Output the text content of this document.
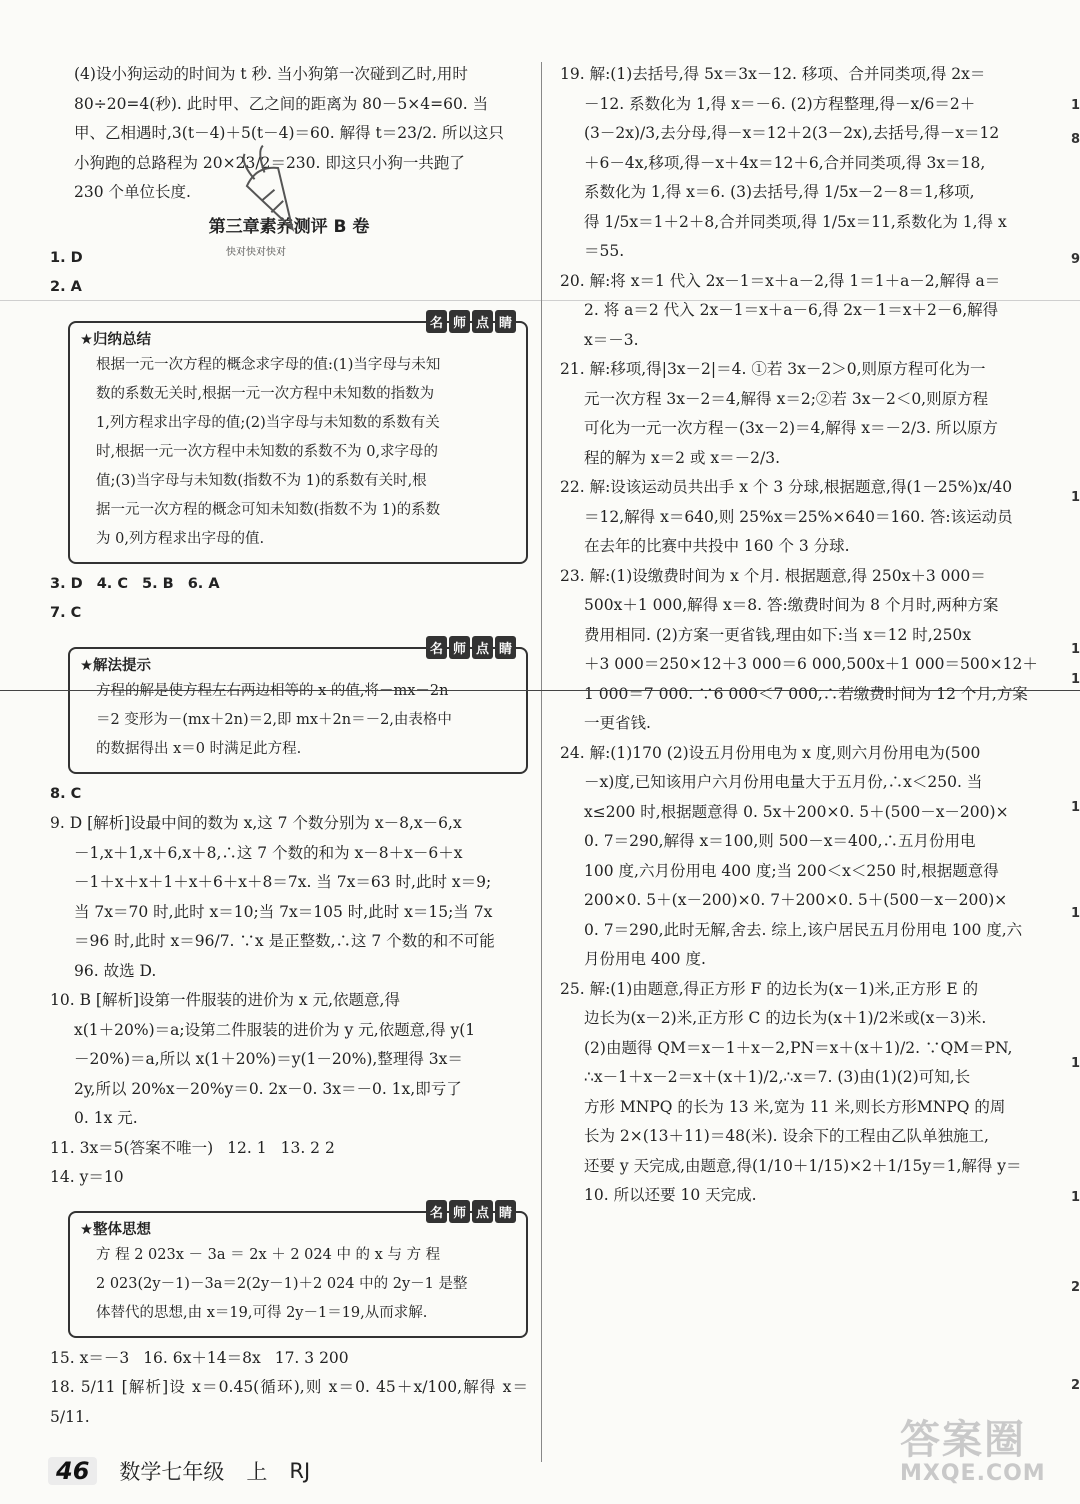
(4)设小狗运动的时间为 t 秒. 当小狗第一次碰到乙时,用时

80÷20=4(秒). 此时甲、乙之间的距离为 80－5×4=60. 当

甲、乙相遇时,3(t－4)＋5(t－4)＝60. 解得 t＝23/2. 所以这只

小狗跑的总路程为 20×23/2＝230. 即这只小狗一共跑了

230 个单位长度.

第三章素养测评 B 卷

1. D

2. A

名 师 点 睛
★归纳总结
根据一元一次方程的概念求字母的值:(1)当字母与未知
数的系数无关时,根据一元一次方程中未知数的指数为
1,列方程求出字母的值;(2)当字母与未知数的系数有关
时,根据一元一次方程中未知数的系数不为 0,求字母的
值;(3)当字母与未知数(指数不为 1)的系数有关时,根
据一元一次方程的概念可知未知数(指数不为 1)的系数
为 0,列方程求出字母的值.
3. D 4. C 5. B 6. A

7. C

名 师 点 睛
★解法提示
方程的解是使方程左右两边相等的 x 的值,将－mx－2n
＝2 变形为－(mx＋2n)＝2,即 mx＋2n＝－2,由表格中
的数据得出 x＝0 时满足此方程.

8. C

9. D [解析]设最中间的数为 x,这 7 个数分别为 x－8,x－6,x

－1,x＋1,x＋6,x＋8,∴这 7 个数的和为 x－8＋x－6＋x

－1＋x＋x＋1＋x＋6＋x＋8＝7x. 当 7x＝63 时,此时 x＝9;

当 7x＝70 时,此时 x＝10;当 7x＝105 时,此时 x＝15;当 7x

＝96 时,此时 x＝96/7. ∵x 是正整数,∴这 7 个数的和不可能

96. 故选 D.

10. B [解析]设第一件服装的进价为 x 元,依题意,得

x(1＋20%)＝a;设第二件服装的进价为 y 元,依题意,得 y(1

－20%)＝a,所以 x(1＋20%)＝y(1－20%),整理得 3x＝

2y,所以 20%x－20%y＝0. 2x－0. 3x＝－0. 1x,即亏了

0. 1x 元.

11. 3x＝5(答案不唯一) 12. 1 13. 2 2

14. y＝10

名 师 点 睛
★整体思想
方 程 2 023x － 3a ＝ 2x ＋ 2 024 中 的 x 与 方 程
2 023(2y－1)－3a＝2(2y－1)＋2 024 中的 2y－1 是整
体替代的思想,由 x＝19,可得 2y－1＝19,从而求解.
15. x＝－3 16. 6x＋14＝8x 17. 3 200

18. 5/11 [解析]设 x＝0.45(循环),则 x＝0. 45＋x/100,解得 x＝5/11.

19. 解:(1)去括号,得 5x＝3x－12. 移项、合并同类项,得 2x＝

－12. 系数化为 1,得 x＝－6. (2)方程整理,得－x/6＝2＋

(3－2x)/3,去分母,得－x＝12＋2(3－2x),去括号,得－x＝12

＋6－4x,移项,得－x＋4x＝12＋6,合并同类项,得 3x＝18,

系数化为 1,得 x＝6. (3)去括号,得 1/5x－2－8＝1,移项,

得 1/5x＝1＋2＋8,合并同类项,得 1/5x＝11,系数化为 1,得 x

＝55.

20. 解:将 x＝1 代入 2x－1＝x＋a－2,得 1＝1＋a－2,解得 a＝

2. 将 a＝2 代入 2x－1＝x＋a－6,得 2x－1＝x＋2－6,解得

x＝－3.

21. 解:移项,得|3x－2|＝4. ①若 3x－2＞0,则原方程可化为一

元一次方程 3x－2＝4,解得 x＝2;②若 3x－2＜0,则原方程

可化为一元一次方程－(3x－2)＝4,解得 x＝－2/3. 所以原方

程的解为 x＝2 或 x＝－2/3.

22. 解:设该运动员共出手 x 个 3 分球,根据题意,得(1－25%)x/40

＝12,解得 x＝640,则 25%x＝25%×640＝160. 答:该运动员

在去年的比赛中共投中 160 个 3 分球.

23. 解:(1)设缴费时间为 x 个月. 根据题意,得 250x＋3 000＝

500x＋1 000,解得 x＝8. 答:缴费时间为 8 个月时,两种方案

费用相同. (2)方案一更省钱,理由如下:当 x＝12 时,250x

＋3 000＝250×12＋3 000＝6 000,500x＋1 000＝500×12＋

1 000＝7 000. ∵6 000＜7 000,∴若缴费时间为 12 个月,方案

一更省钱.

24. 解:(1)170 (2)设五月份用电为 x 度,则六月份用电为(500

－x)度,已知该用户六月份用电量大于五月份,∴x＜250. 当

x≤200 时,根据题意得 0. 5x＋200×0. 5＋(500－x－200)×

0. 7＝290,解得 x＝100,则 500－x＝400,∴五月份用电

100 度,六月份用电 400 度;当 200＜x＜250 时,根据题意得

200×0. 5＋(x－200)×0. 7＋200×0. 5＋(500－x－200)×

0. 7＝290,此时无解,舍去. 综上,该户居民五月份用电 100 度,六

月份用电 400 度.

25. 解:(1)由题意,得正方形 F 的边长为(x－1)米,正方形 E 的

边长为(x－2)米,正方形 C 的边长为(x＋1)/2米或(x－3)米.

(2)由题得 QM＝x－1＋x－2,PN＝x＋(x＋1)/2. ∵QM＝PN,

∴x－1＋x－2＝x＋(x＋1)/2,∴x＝7. (3)由(1)(2)可知,长

方形 MNPQ 的长为 13 米,宽为 11 米,则长方形MNPQ 的周

长为 2×(13＋11)＝48(米). 设余下的工程由乙队单独施工,

还要 y 天完成,由题意,得(1/10＋1/15)×2＋1/15y＝1,解得 y＝

10. 所以还要 10 天完成.

快对快对快对
1
8
9
1
1
1
1
1
1
1
2
2
46	数学七年级 上 RJ
答案圈
MXQE.COM
